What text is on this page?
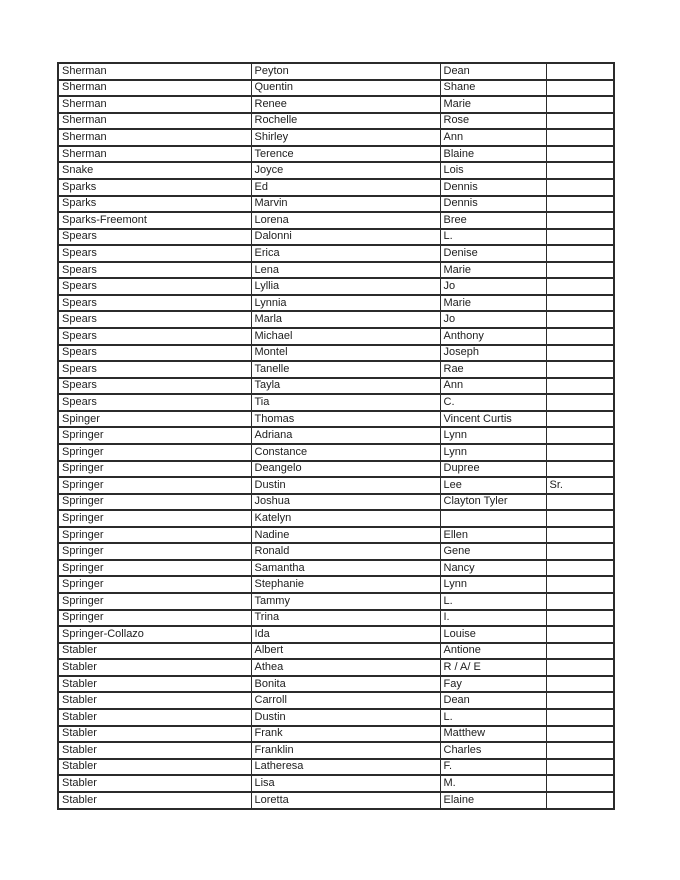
Sherman	Peyton	Dean	
Sherman	Quentin	Shane	
Sherman	Renee	Marie	
Sherman	Rochelle	Rose	
Sherman	Shirley	Ann	
Sherman	Terence	Blaine	
Snake	Joyce	Lois	
Sparks	Ed	Dennis	
Sparks	Marvin	Dennis	
Sparks-Freemont	Lorena	Bree	
Spears	Dalonni	L.	
Spears	Erica	Denise	
Spears	Lena	Marie	
Spears	Lyllia	Jo	
Spears	Lynnia	Marie	
Spears	Marla	Jo	
Spears	Michael	Anthony	
Spears	Montel	Joseph	
Spears	Tanelle	Rae	
Spears	Tayla	Ann	
Spears	Tia	C.	
Spinger	Thomas	Vincent Curtis	
Springer	Adriana	Lynn	
Springer	Constance	Lynn	
Springer	Deangelo	Dupree	
Springer	Dustin	Lee	Sr.
Springer	Joshua	Clayton Tyler	
Springer	Katelyn		
Springer	Nadine	Ellen	
Springer	Ronald	Gene	
Springer	Samantha	Nancy	
Springer	Stephanie	Lynn	
Springer	Tammy	L.	
Springer	Trina	I.	
Springer-Collazo	Ida	Louise	
Stabler	Albert	Antione	
Stabler	Athea	R / A/ E	
Stabler	Bonita	Fay	
Stabler	Carroll	Dean	
Stabler	Dustin	L.	
Stabler	Frank	Matthew	
Stabler	Franklin	Charles	
Stabler	Latheresa	F.	
Stabler	Lisa	M.	
Stabler	Loretta	Elaine	
